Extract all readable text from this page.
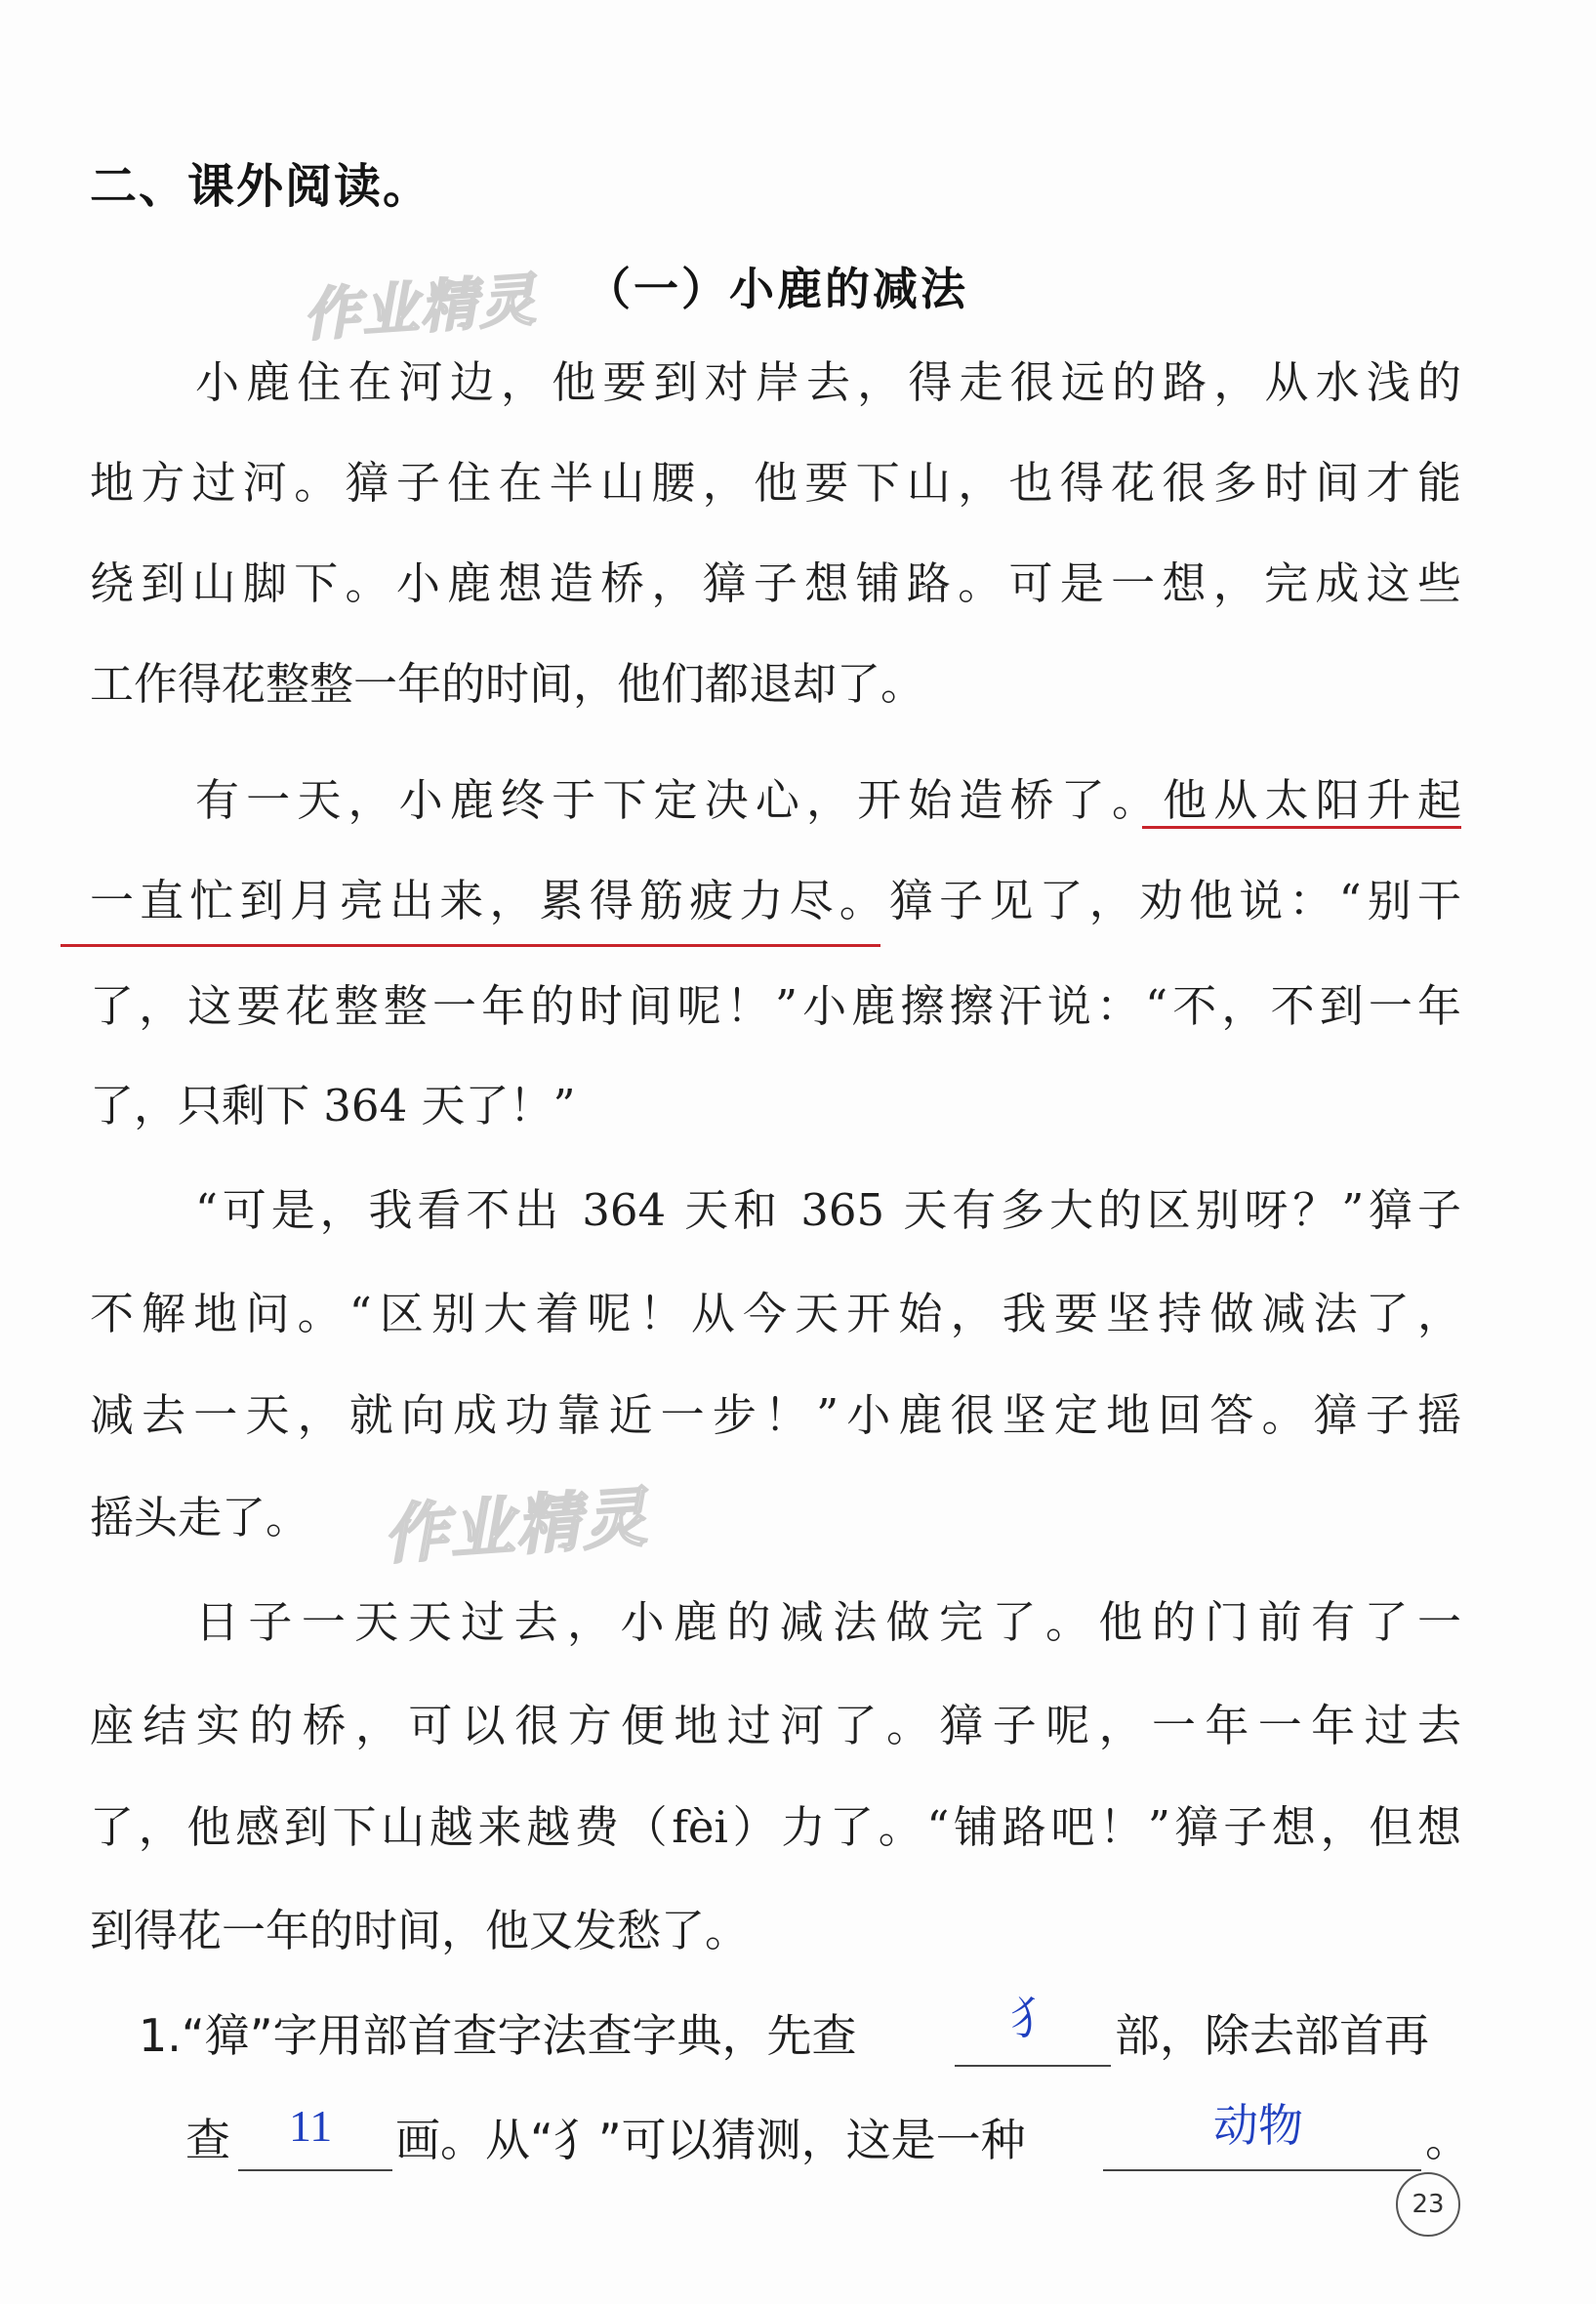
二、课外阅读。
作业精灵 （一）小鹿的减法
小鹿住在河边，他要到对岸去，得走很远的路，从水浅的
地方过河。獐子住在半山腰，他要下山，也得花很多时间才能
绕到山脚下。小鹿想造桥，獐子想铺路。可是一想，完成这些
工作得花整整一年的时间，他们都退却了。
有一天，小鹿终于下定决心，开始造桥了。他从太阳升起
一直忙到月亮出来，累得筋疲力尽。獐子见了，劝他说：“别干
了，这要花整整一年的时间呢！”小鹿擦擦汗说：“不，不到一年
了，只剩下 364 天了！”
“可是，我看不出 364 天和 365 天有多大的区别呀？”獐子
不解地问。“区别大着呢！从今天开始，我要坚持做减法了，
减去一天，就向成功靠近一步！”小鹿很坚定地回答。獐子摇
摇头走了。	作业精灵
日子一天天过去，小鹿的减法做完了。他的门前有了一
座结实的桥，可以很方便地过河了。獐子呢，一年一年过去
了，他感到下山越来越费（fèi）力了。“铺路吧！”獐子想，但想
到得花一年的时间，他又发愁了。
1.“獐”字用部首查字法查字典，先查	犭 部，除去部首再
查 11 画。从“犭”可以猜测，这是一种	动物	。
23
